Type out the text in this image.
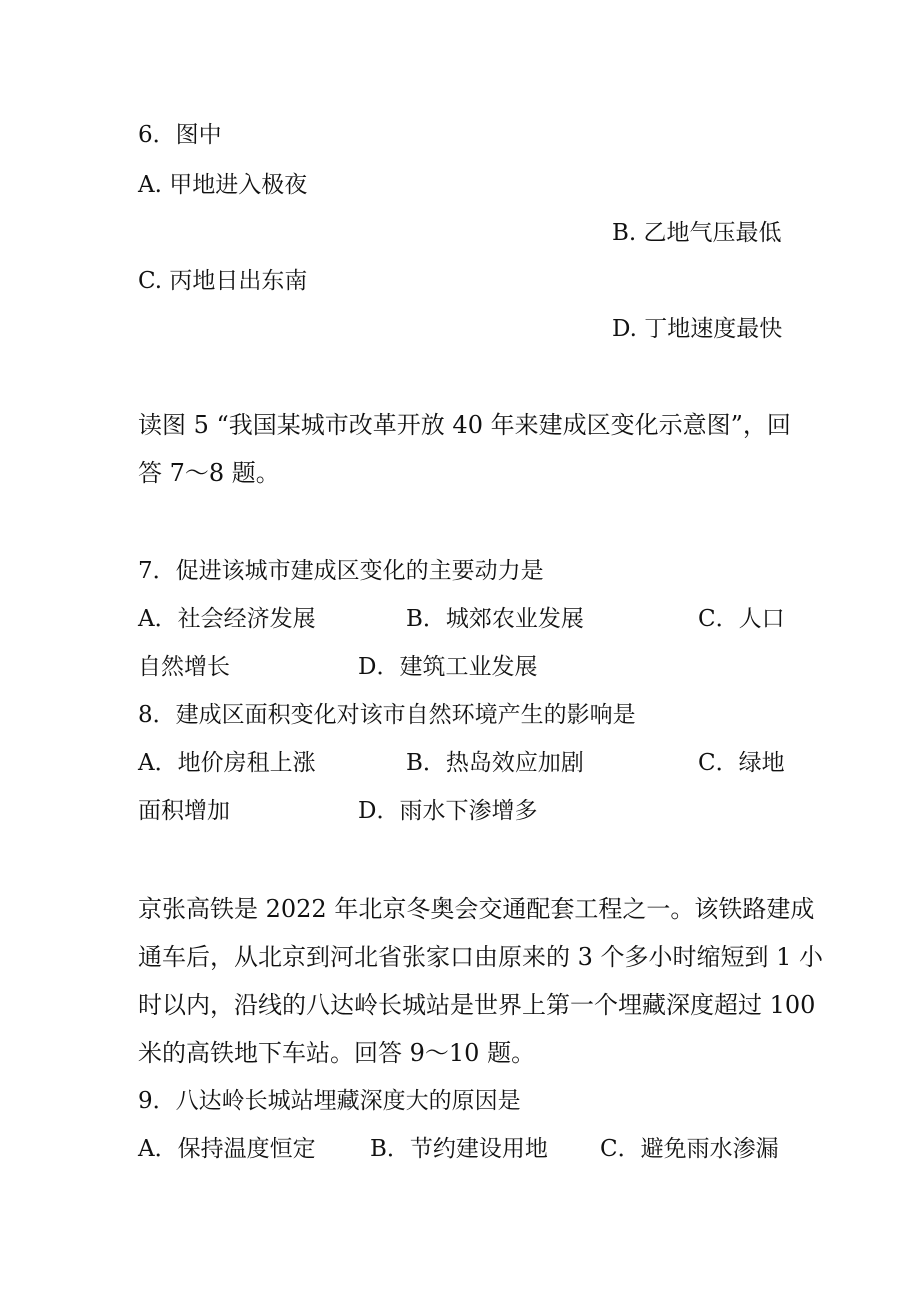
6．图中
A. 甲地进入极夜
B. 乙地气压最低
C. 丙地日出东南
D. 丁地速度最快
读图 5 “我国某城市改革开放 40 年来建成区变化示意图”，回
答 7～8 题。
7．促进该城市建成区变化的主要动力是
A．社会经济发展	B．城郊农业发展	C．人口
自然增长	D．建筑工业发展
8．建成区面积变化对该市自然环境产生的影响是
A．地价房租上涨	B．热岛效应加剧	C．绿地
面积增加	D．雨水下渗增多
京张高铁是 2022 年北京冬奥会交通配套工程之一。该铁路建成
通车后，从北京到河北省张家口由原来的 3 个多小时缩短到 1 小
时以内，沿线的八达岭长城站是世界上第一个埋藏深度超过 100
米的高铁地下车站。回答 9～10 题。
9．八达岭长城站埋藏深度大的原因是
A．保持温度恒定 B．节约建设用地 C．避免雨水渗漏
